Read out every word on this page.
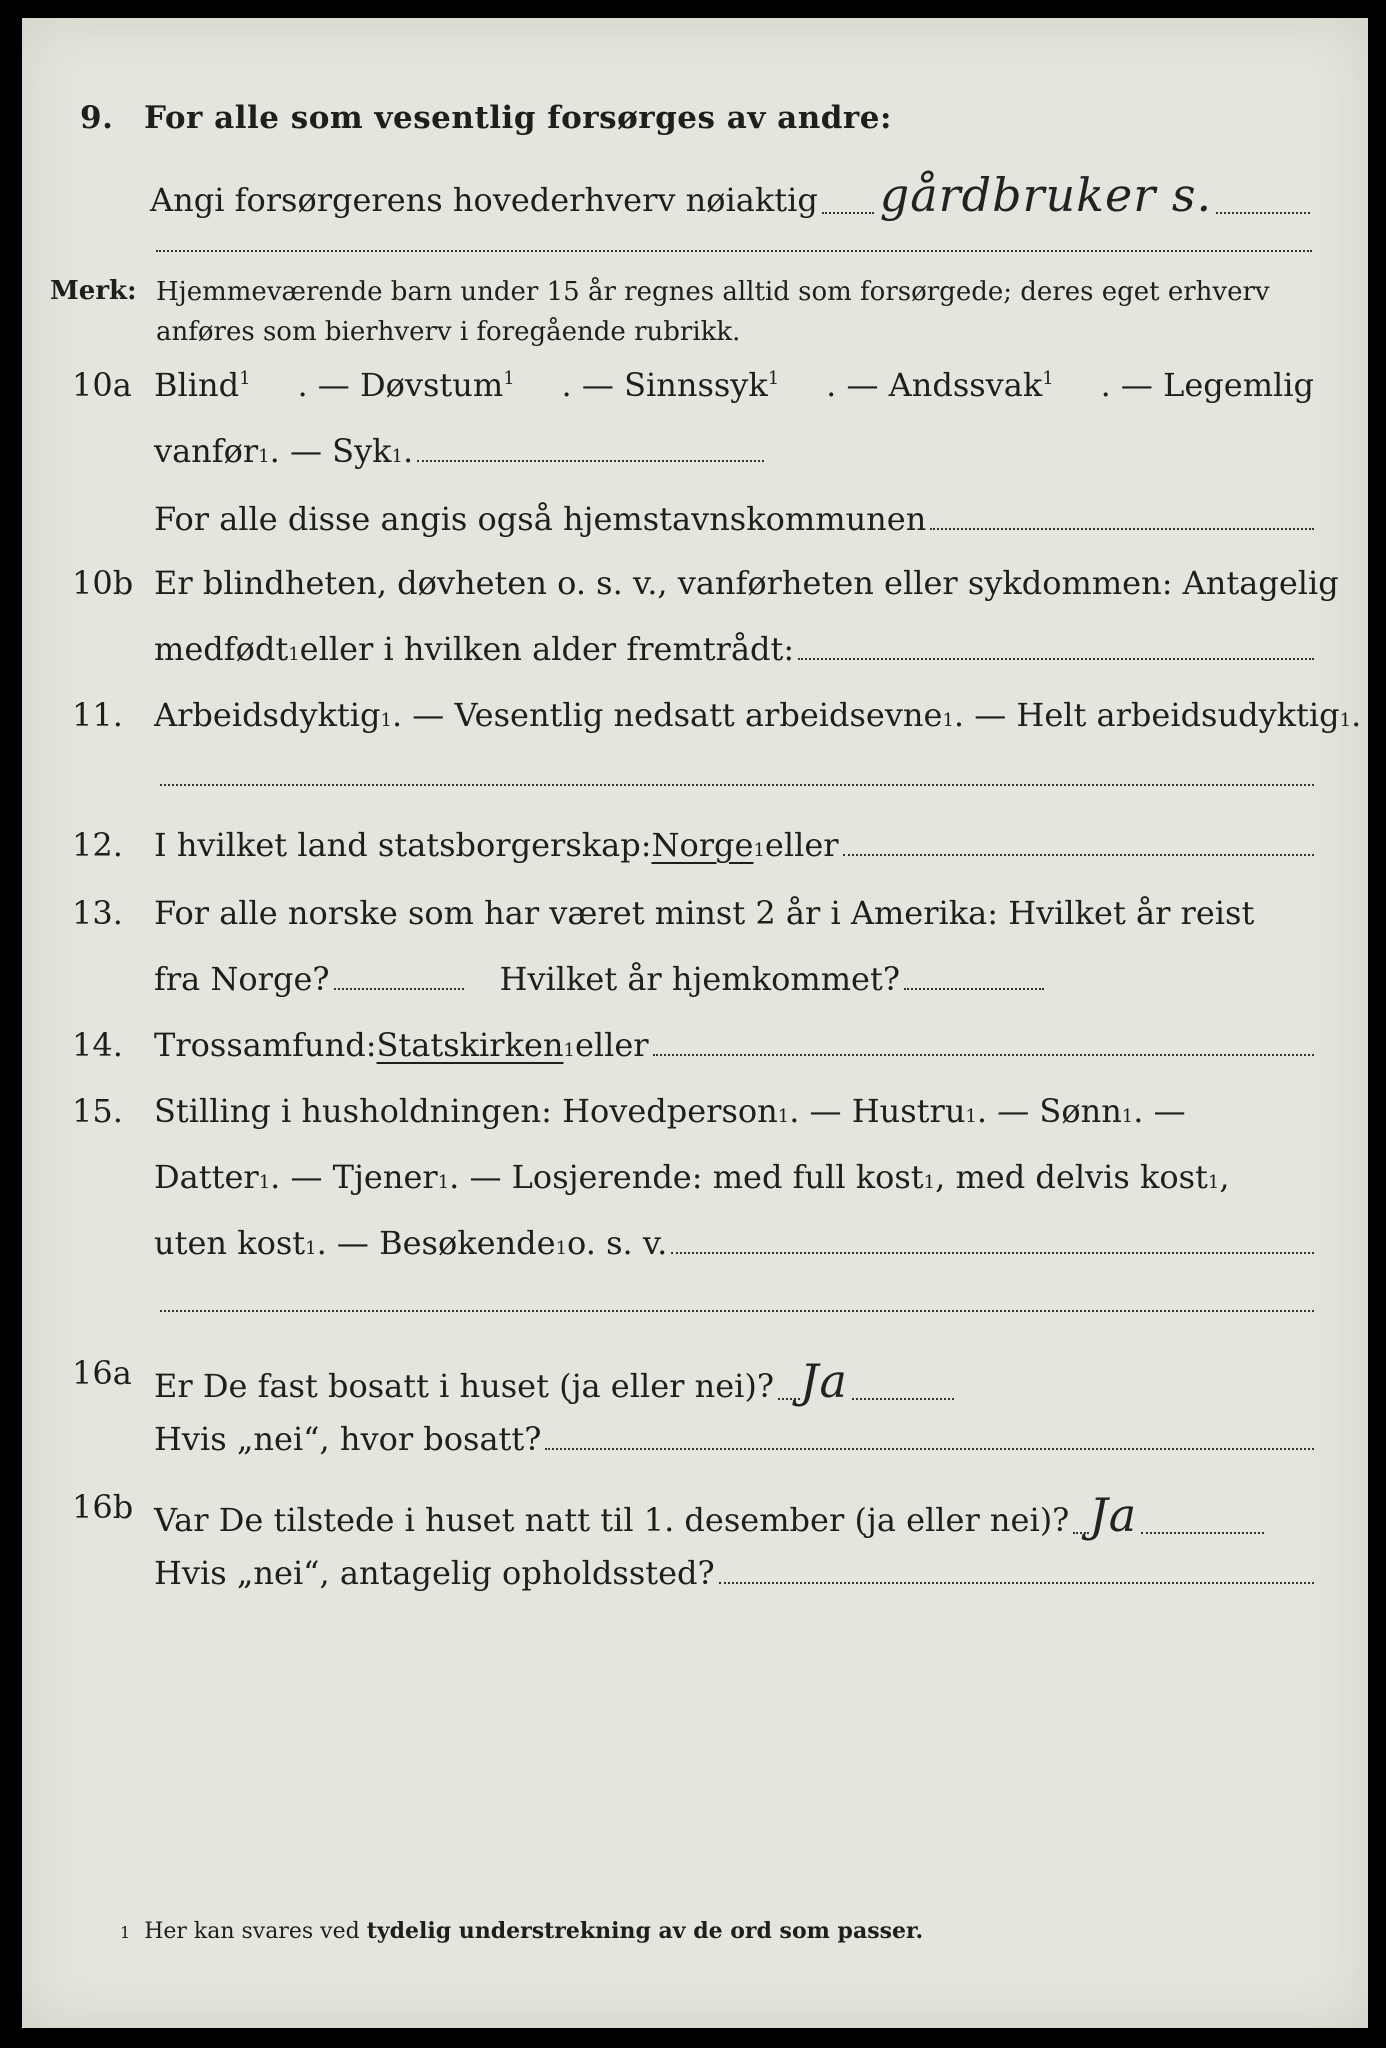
9. For alle som vesentlig forsørges av andre:
Angi forsørgerens hovederhverv nøiaktig gårdbruker s.
Merk: Hjemmeværende barn under 15 år regnes alltid som forsørgede; deres eget erhverv
anføres som bierhverv i foregående rubrikk.
10a Blind$^1$ . — Døvstum$^1$ . — Sinnssyk$^1$ . — Andssvak$^1$ . — Legemlig
vanfør 1 . — Syk 1 .
For alle disse angis også hjemstavnskommunen
10b Er blindheten, døvheten o. s. v., vanførheten eller sykdommen: Antagelig
medfødt 1 eller i hvilken alder fremtrådt:
11. Arbeidsdyktig 1 . — Vesentlig nedsatt arbeidsevne 1 . — Helt arbeidsudyktig 1 .
12. I hvilket land statsborgerskap: Norge 1 eller
13. For alle norske som har været minst 2 år i Amerika: Hvilket år reist
fra Norge?	Hvilket år hjemkommet?
14. Trossamfund: Statskirken 1 eller
15. Stilling i husholdningen: Hovedperson 1 . — Hustru 1 . — Sønn 1 . —
Datter 1 . — Tjener 1 . — Losjerende: med full kost 1 , med delvis kost 1 ,
uten kost 1 . — Besøkende 1 o. s. v.
16a Er De fast bosatt i huset (ja eller nei)? Ja
Hvis „nei“, hvor bosatt?
16b Var De tilstede i huset natt til 1. desember (ja eller nei)? Ja
Hvis „nei“, antagelig opholdssted?
1 Her kan svares ved tydelig understrekning av de ord som passer.
